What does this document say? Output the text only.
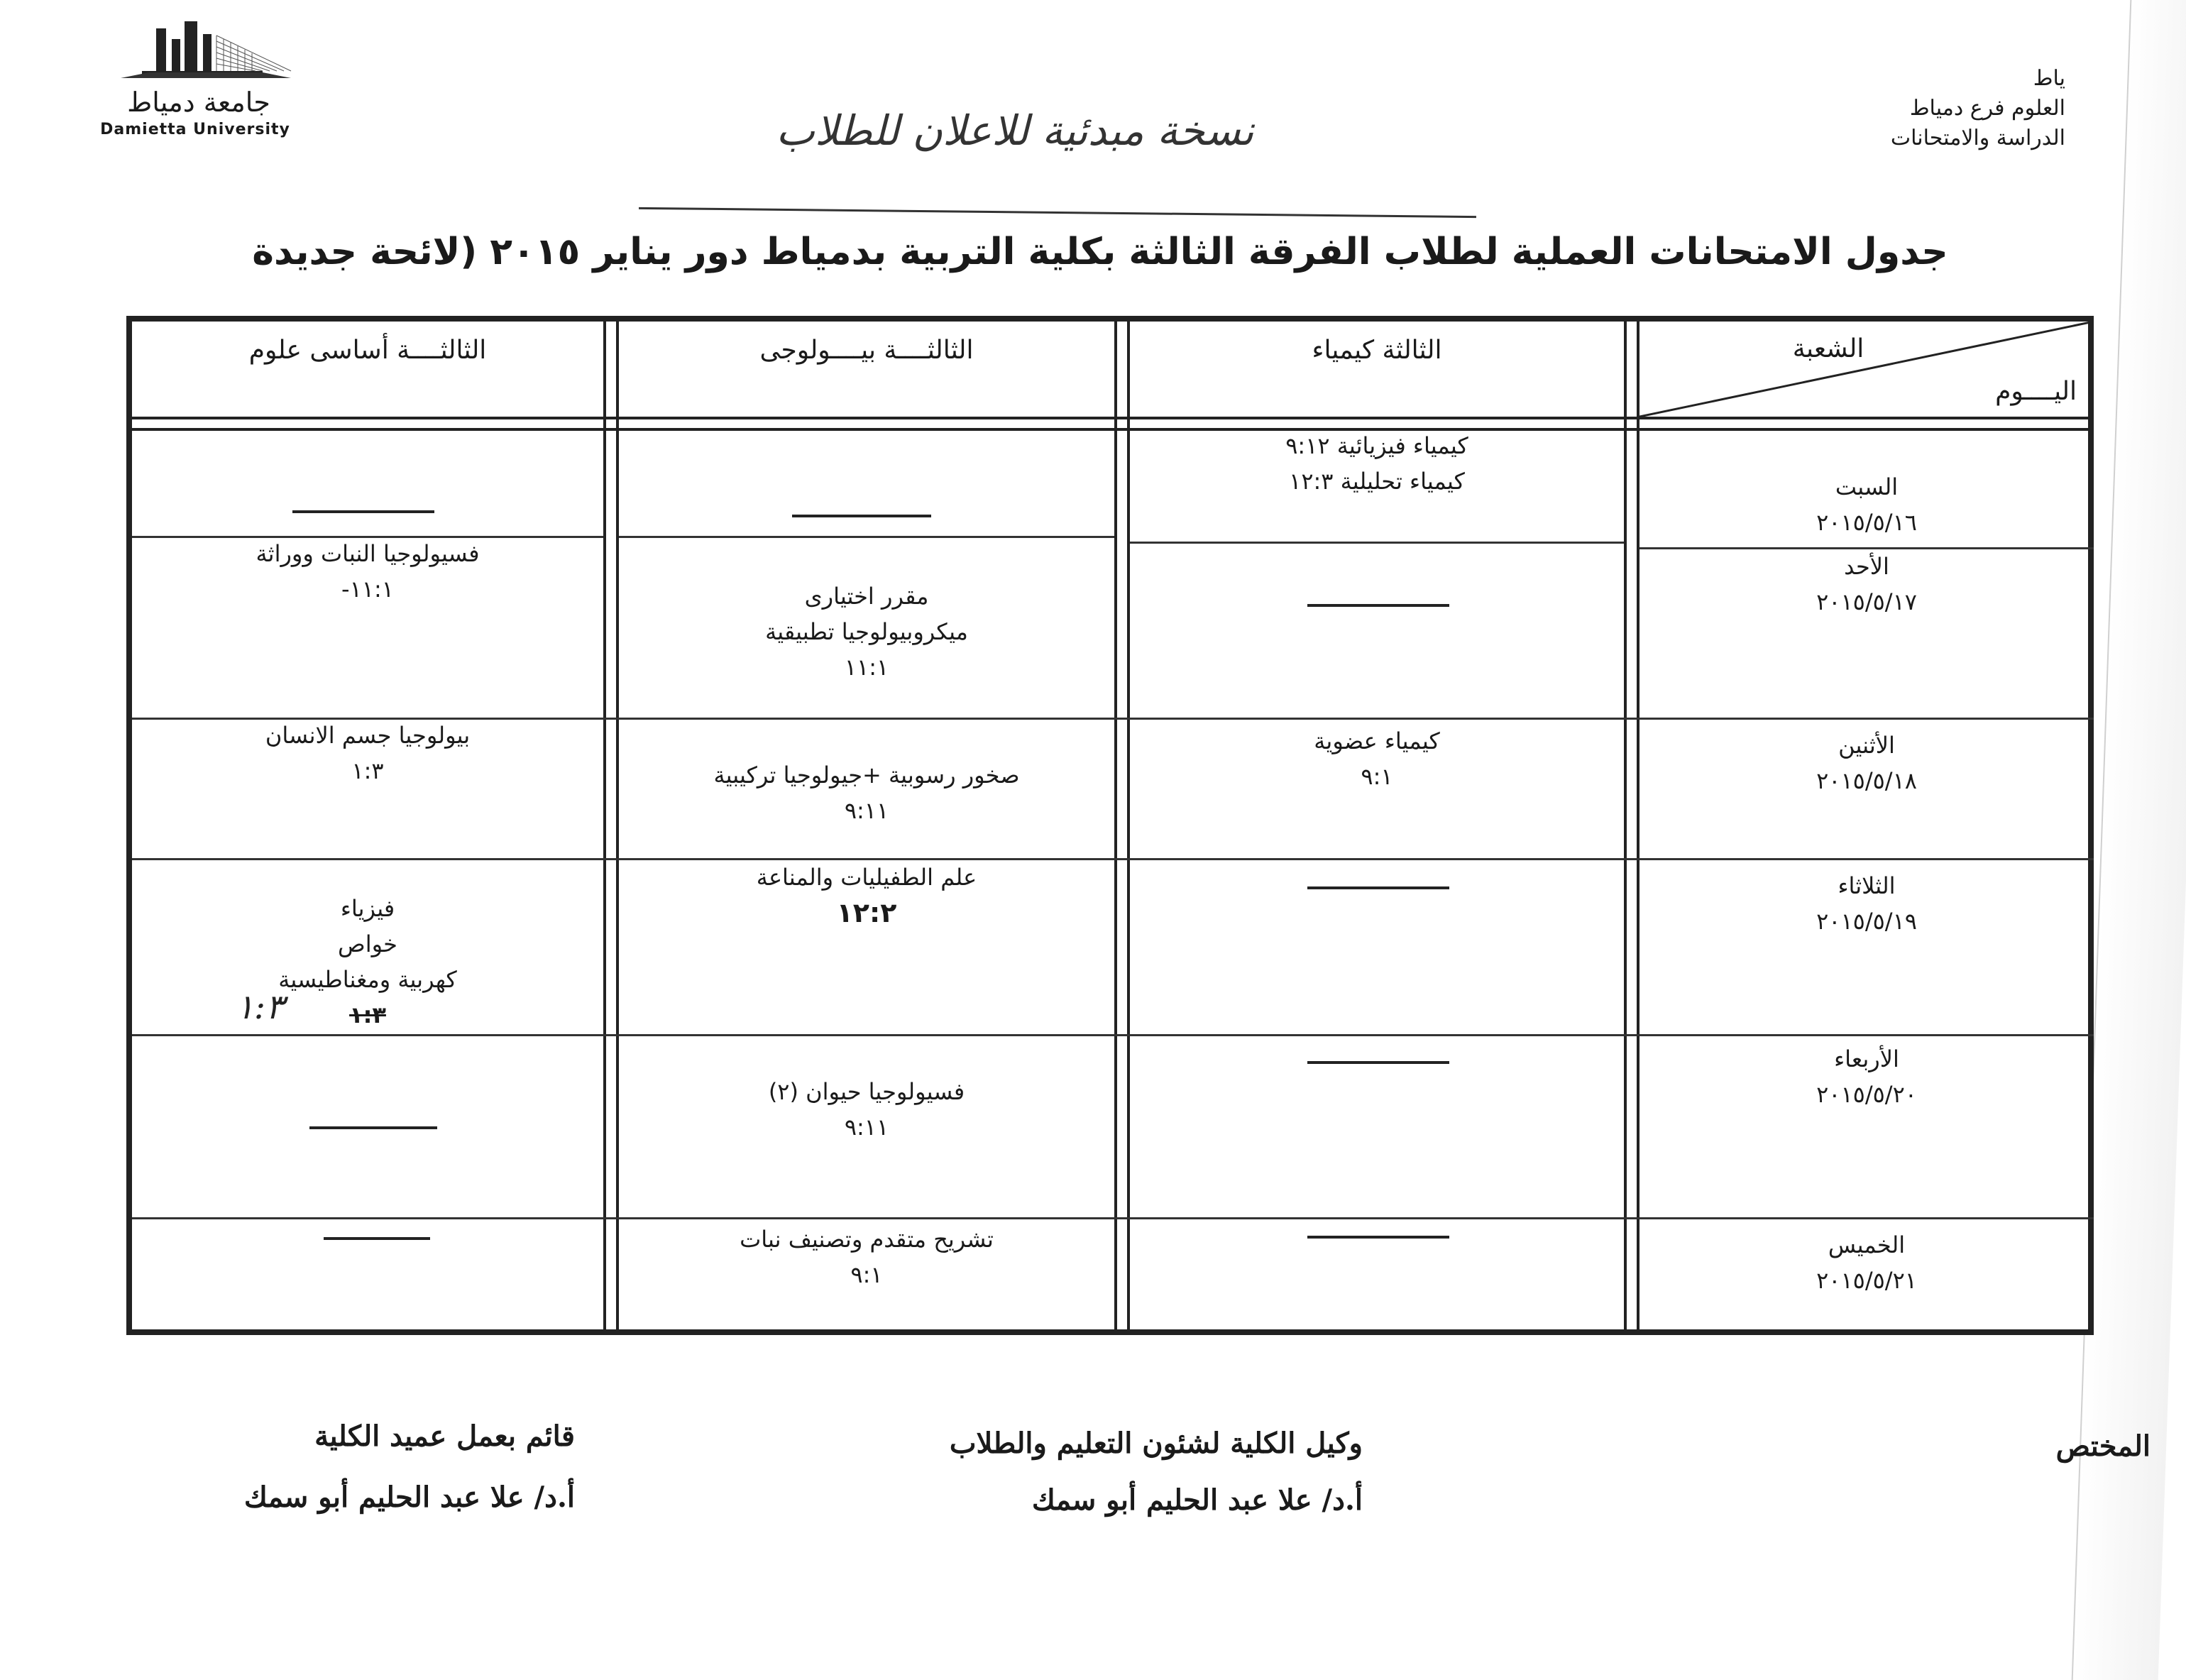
جامعة دمياط
Damietta University
ياط
العلوم فرع دمياط
الدراسة والامتحانات
نسخة مبدئية للاعلان للطلاب
جدول الامتحانات العملية لطلاب الفرقة الثالثة بكلية التربية بدمياط دور يناير ٢٠١٥ (لائحة جديدة
الشعبة
اليــــوم
الثالثة كيمياء
الثالثــــة بيــــولوجى
الثالثــــة أساسى علوم
السبت
٢٠١٥/٥/١٦
كيمياء فيزيائية ٩:١٢
كيمياء تحليلية ١٢:٣
الأحد
٢٠١٥/٥/١٧
مقرر اختيارى
ميكروبيولوجيا تطبيقية
١١:١
فسيولوجيا النبات ووراثة
١١:١-
الأثنين
٢٠١٥/٥/١٨
كيمياء عضوية
٩:١
صخور رسوبية +جيولوجيا تركيبية
٩:١١
بيولوجيا جسم الانسان
١:٣
الثلاثاء
٢٠١٥/٥/١٩
علم الطفيليات والمناعة
١٢:٢
فيزياء
خواص
كهربية ومغناطيسية
١:٣
١:٣
الأربعاء
٢٠١٥/٥/٢٠
فسيولوجيا حيوان (٢)
٩:١١
الخميس
٢٠١٥/٥/٢١
تشريح متقدم وتصنيف نبات
٩:١
المختص
وكيل الكلية لشئون التعليم والطلاب
أ.د/ علا عبد الحليم أبو سمك
قائم بعمل عميد الكلية
أ.د/ علا عبد الحليم أبو سمك
